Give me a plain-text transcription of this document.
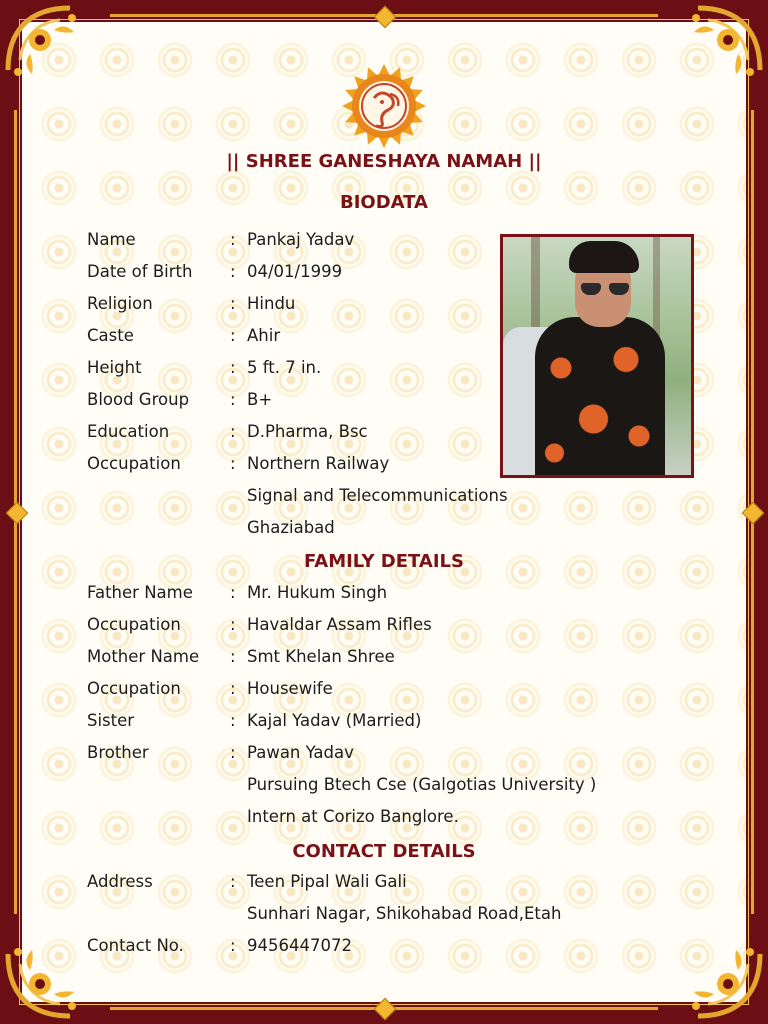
|| SHREE GANESHAYA NAMAH ||
BIODATA
FAMILY DETAILS
CONTACT DETAILS
Name	: Pankaj Yadav
Date of Birth	: 04/01/1999
Religion	: Hindu
Caste	: Ahir
Height	: 5 ft. 7 in.
Blood Group	: B+
Education	: D.Pharma, Bsc
Occupation	: Northern Railway
Signal and Telecommunications
Ghaziabad
Father Name	: Mr. Hukum Singh
Occupation	: Havaldar Assam Rifles
Mother Name	: Smt Khelan Shree
Occupation	: Housewife
Sister	: Kajal Yadav (Married)
Brother	: Pawan Yadav
Pursuing Btech Cse (Galgotias University )
Intern at Corizo Banglore.
Address	: Teen Pipal Wali Gali
Sunhari Nagar, Shikohabad Road,Etah
Contact No.	: 9456447072
